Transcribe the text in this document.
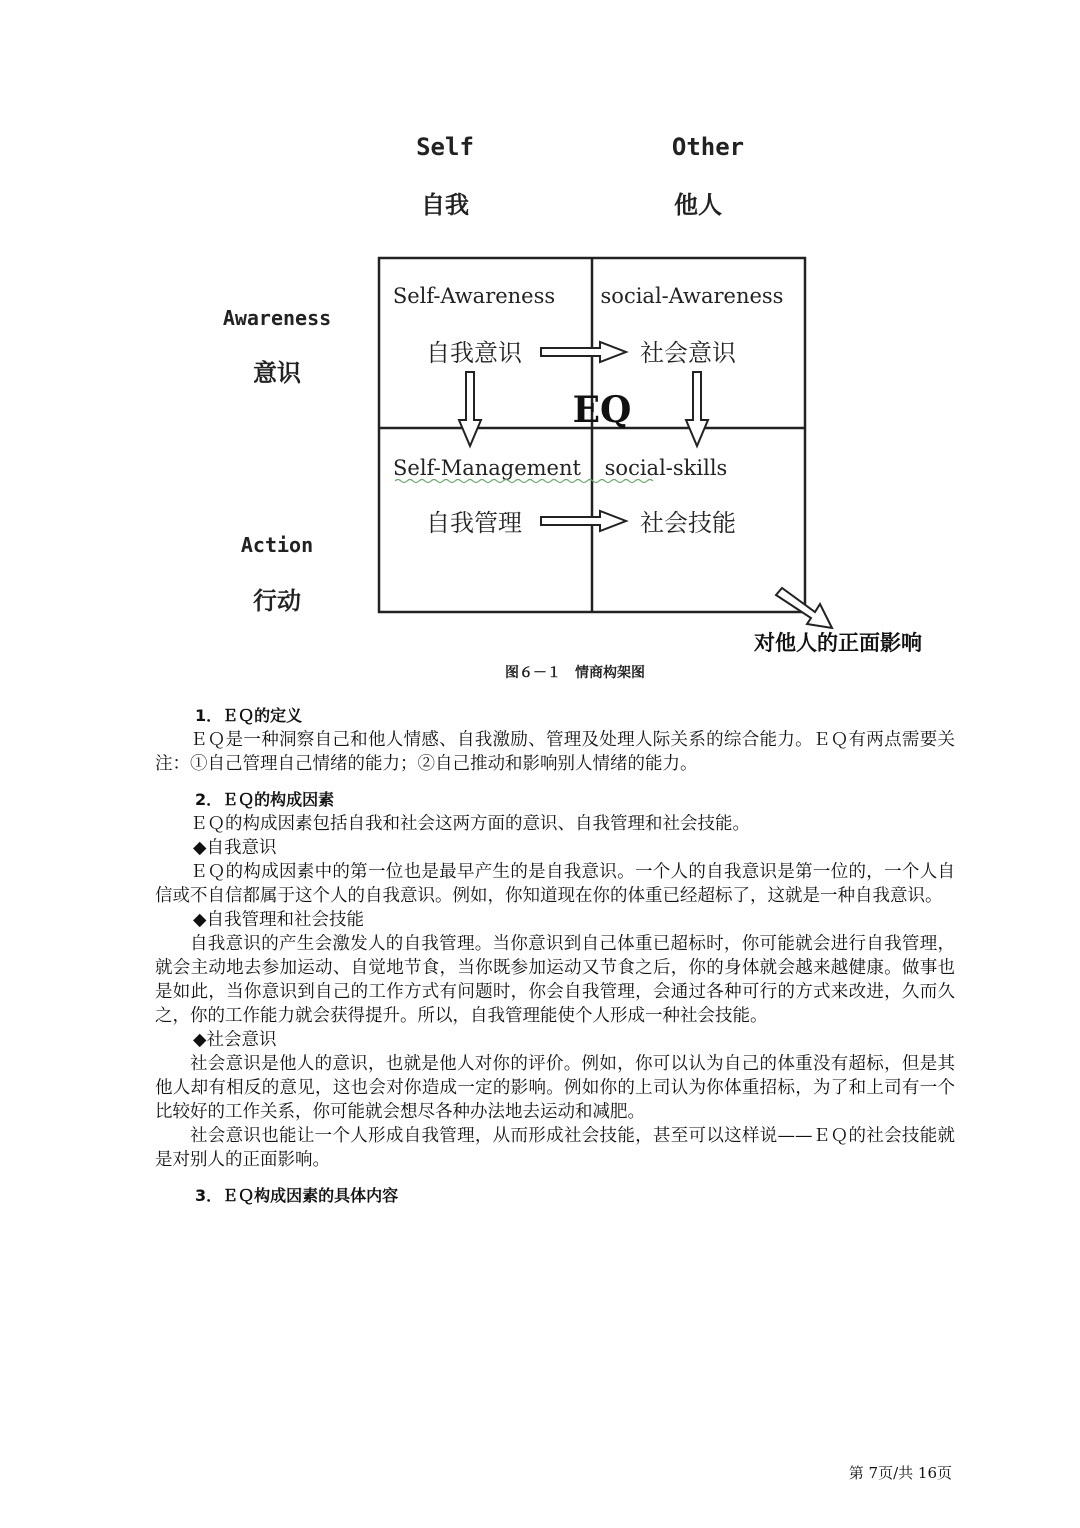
Self
自我
Other
他人
Awareness
意识
Action
行动
Self-Awareness
自我意识
social-Awareness
社会意识
Self-Management
自我管理
social-skills
社会技能
EQ
对他人的正面影响
图６－１　情商构架图
1．ＥＱ的定义

ＥＱ是一种洞察自己和他人情感、自我激励、管理及处理人际关系的综合能力。ＥＱ有两点需要关注：①自己管理自己情绪的能力；②自己推动和影响别人情绪的能力。

2．ＥＱ的构成因素

ＥＱ的构成因素包括自我和社会这两方面的意识、自我管理和社会技能。

◆自我意识

ＥＱ的构成因素中的第一位也是最早产生的是自我意识。一个人的自我意识是第一位的，一个人自信或不自信都属于这个人的自我意识。例如，你知道现在你的体重已经超标了，这就是一种自我意识。

◆自我管理和社会技能

自我意识的产生会激发人的自我管理。当你意识到自己体重已超标时，你可能就会进行自我管理，就会主动地去参加运动、自觉地节食，当你既参加运动又节食之后，你的身体就会越来越健康。做事也是如此，当你意识到自己的工作方式有问题时，你会自我管理，会通过各种可行的方式来改进，久而久之，你的工作能力就会获得提升。所以，自我管理能使个人形成一种社会技能。

◆社会意识

社会意识是他人的意识，也就是他人对你的评价。例如，你可以认为自己的体重没有超标，但是其他人却有相反的意见，这也会对你造成一定的影响。例如你的上司认为你体重招标，为了和上司有一个比较好的工作关系，你可能就会想尽各种办法地去运动和减肥。

社会意识也能让一个人形成自我管理，从而形成社会技能，甚至可以这样说——ＥＱ的社会技能就是对别人的正面影响。

3．ＥＱ构成因素的具体内容
第 7页/共 16页
